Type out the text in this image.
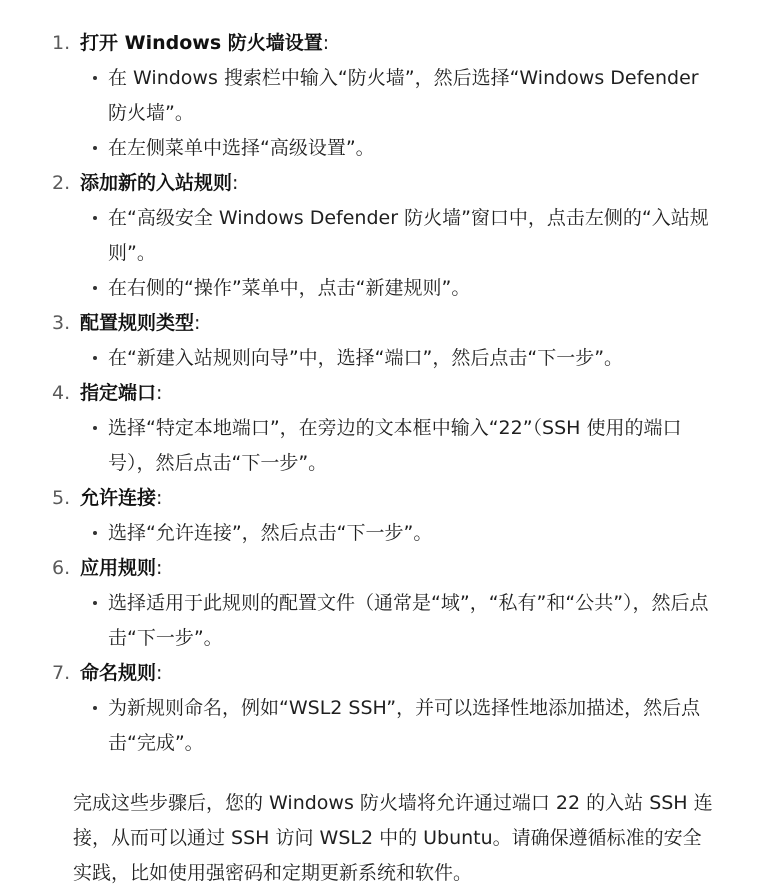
1. 打开 Windows 防火墙设置:
在 Windows 搜索栏中输入“防火墙”，然后选择“Windows Defender 防火墙”。
在左侧菜单中选择“高级设置”。
2. 添加新的入站规则:
在“高级安全 Windows Defender 防火墙”窗口中，点击左侧的“入站规则”。
在右侧的“操作”菜单中，点击“新建规则”。
3. 配置规则类型:
在“新建入站规则向导”中，选择“端口”，然后点击“下一步”。
4. 指定端口:
选择“特定本地端口”，在旁边的文本框中输入“22”（SSH 使用的端口号），然后点击“下一步”。
5. 允许连接:
选择“允许连接”，然后点击“下一步”。
6. 应用规则:
选择适用于此规则的配置文件（通常是“域”，“私有”和“公共”），然后点击“下一步”。
7. 命名规则:
为新规则命名，例如“WSL2 SSH”，并可以选择性地添加描述，然后点击“完成”。

完成这些步骤后，您的 Windows 防火墙将允许通过端口 22 的入站 SSH 连接，从而可以通过 SSH 访问 WSL2 中的 Ubuntu。请确保遵循标准的安全实践，比如使用强密码和定期更新系统和软件。
